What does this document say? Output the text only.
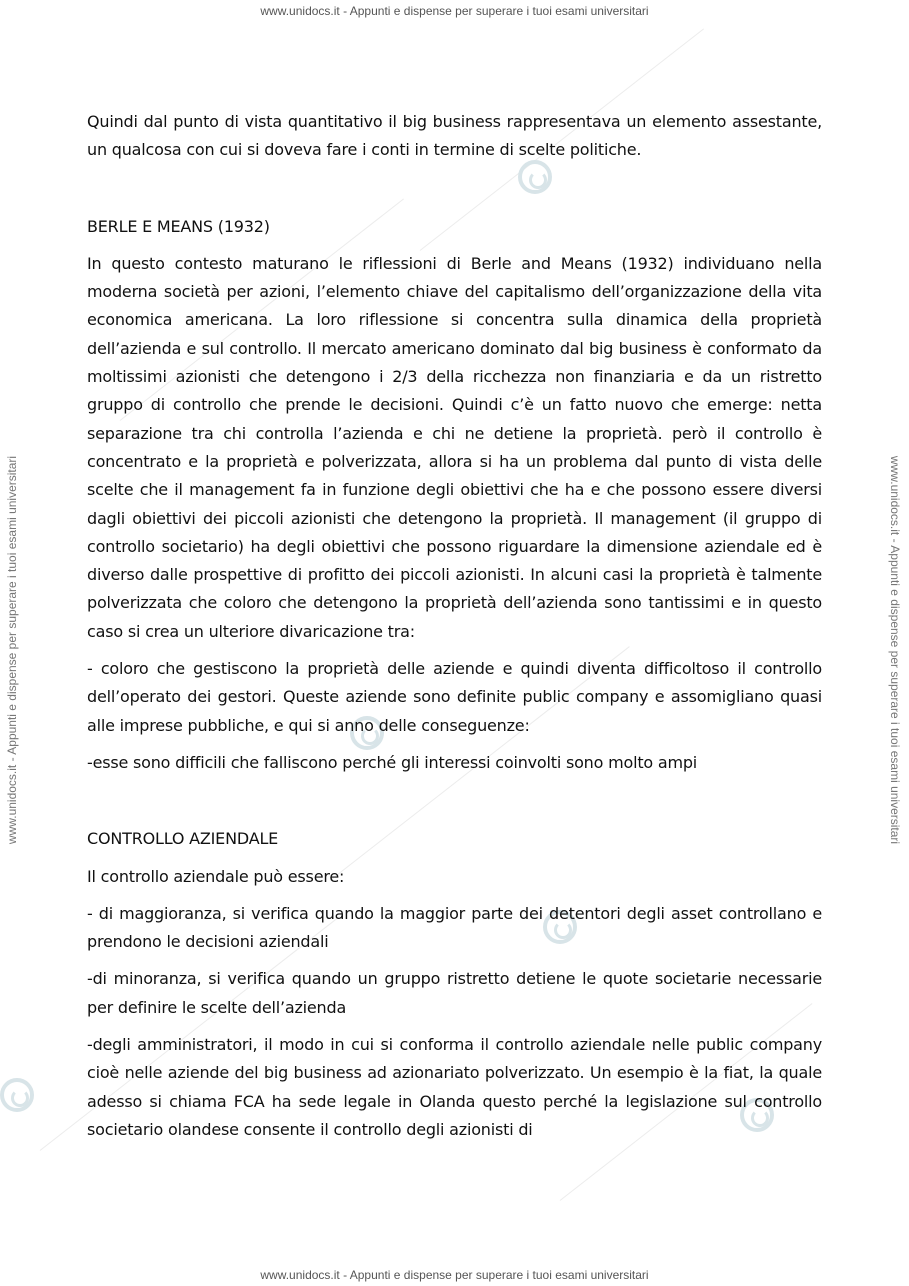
www.unidocs.it - Appunti e dispense per superare i tuoi esami universitari
www.unidocs.it - Appunti e dispense per superare i tuoi esami universitari
www.unidocs.it - Appunti e dispense per superare i tuoi esami universitari	www.unidocs.it - Appunti e dispense per superare i tuoi esami universitari

Quindi dal punto di vista quantitativo il big business rappresentava un elemento assestante, un qualcosa con cui si doveva fare i conti in termine di scelte politiche.

BERLE E MEANS (1932)

In questo contesto maturano le riflessioni di Berle and Means (1932) individuano nella moderna società per azioni, l’elemento chiave del capitalismo dell’organizzazione della vita economica americana. La loro riflessione si concentra sulla dinamica della proprietà dell’azienda e sul controllo. Il mercato americano dominato dal big business è conformato da moltissimi azionisti che detengono i 2/3 della ricchezza non finanziaria e da un ristretto gruppo di controllo che prende le decisioni. Quindi c’è un fatto nuovo che emerge: netta separazione tra chi controlla l’azienda e chi ne detiene la proprietà. però il controllo è concentrato e la proprietà e polverizzata, allora si ha un problema dal punto di vista delle scelte che il management fa in funzione degli obiettivi che ha e che possono essere diversi dagli obiettivi dei piccoli azionisti che detengono la proprietà. Il management (il gruppo di controllo societario) ha degli obiettivi che possono riguardare la dimensione aziendale ed è diverso dalle prospettive di profitto dei piccoli azionisti. In alcuni casi la proprietà è talmente polverizzata che coloro che detengono la proprietà dell’azienda sono tantissimi e in questo caso si crea un ulteriore divaricazione tra:

- coloro che gestiscono la proprietà delle aziende e quindi diventa difficoltoso il controllo dell’operato dei gestori. Queste aziende sono definite public company e assomigliano quasi alle imprese pubbliche, e qui si anno delle conseguenze:

-esse sono difficili che falliscono perché gli interessi coinvolti sono molto ampi

CONTROLLO AZIENDALE

Il controllo aziendale può essere:

- di maggioranza, si verifica quando la maggior parte dei detentori degli asset controllano e prendono le decisioni aziendali

-di minoranza, si verifica quando un gruppo ristretto detiene le quote societarie necessarie per definire le scelte dell’azienda

-degli amministratori, il modo in cui si conforma il controllo aziendale nelle public company cioè nelle aziende del big business ad azionariato polverizzato. Un esempio è la fiat, la quale adesso si chiama FCA ha sede legale in Olanda questo perché la legislazione sul controllo societario olandese consente il controllo degli azionisti di
